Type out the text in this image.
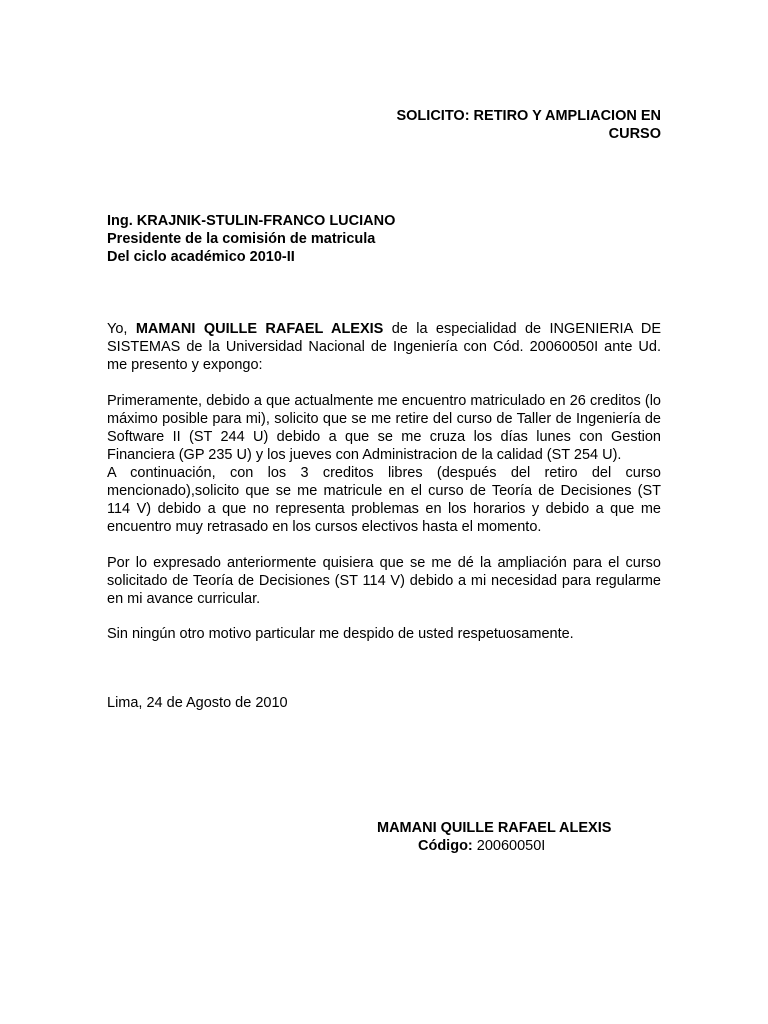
SOLICITO: RETIRO Y AMPLIACION EN
CURSO
Ing. KRAJNIK-STULIN-FRANCO LUCIANO
Presidente de la comisión de matricula
Del ciclo académico 2010-II

Yo, MAMANI QUILLE RAFAEL ALEXIS de la especialidad de INGENIERIA DE SISTEMAS de la Universidad Nacional de Ingeniería con Cód. 20060050I ante Ud. me presento y expongo:

Primeramente, debido a que actualmente me encuentro matriculado en 26 creditos (lo máximo posible para mi), solicito que se me retire del curso de Taller de Ingeniería de Software II (ST 244 U) debido a que se me cruza los días lunes con Gestion Financiera (GP 235 U) y los jueves con Administracion de la calidad (ST 254 U).

A continuación, con los 3 creditos libres (después del retiro del curso mencionado),solicito que se me matricule en el curso de Teoría de Decisiones (ST 114 V) debido a que no representa problemas en los horarios y debido a que me encuentro muy retrasado en los cursos electivos hasta el momento.

Por lo expresado anteriormente quisiera que se me dé la ampliación para el curso solicitado de Teoría de Decisiones (ST 114 V) debido a mi necesidad para regularme en mi avance curricular.

Sin ningún otro motivo particular me despido de usted respetuosamente.

Lima, 24 de Agosto de 2010
MAMANI QUILLE RAFAEL ALEXIS
Código: 20060050I
